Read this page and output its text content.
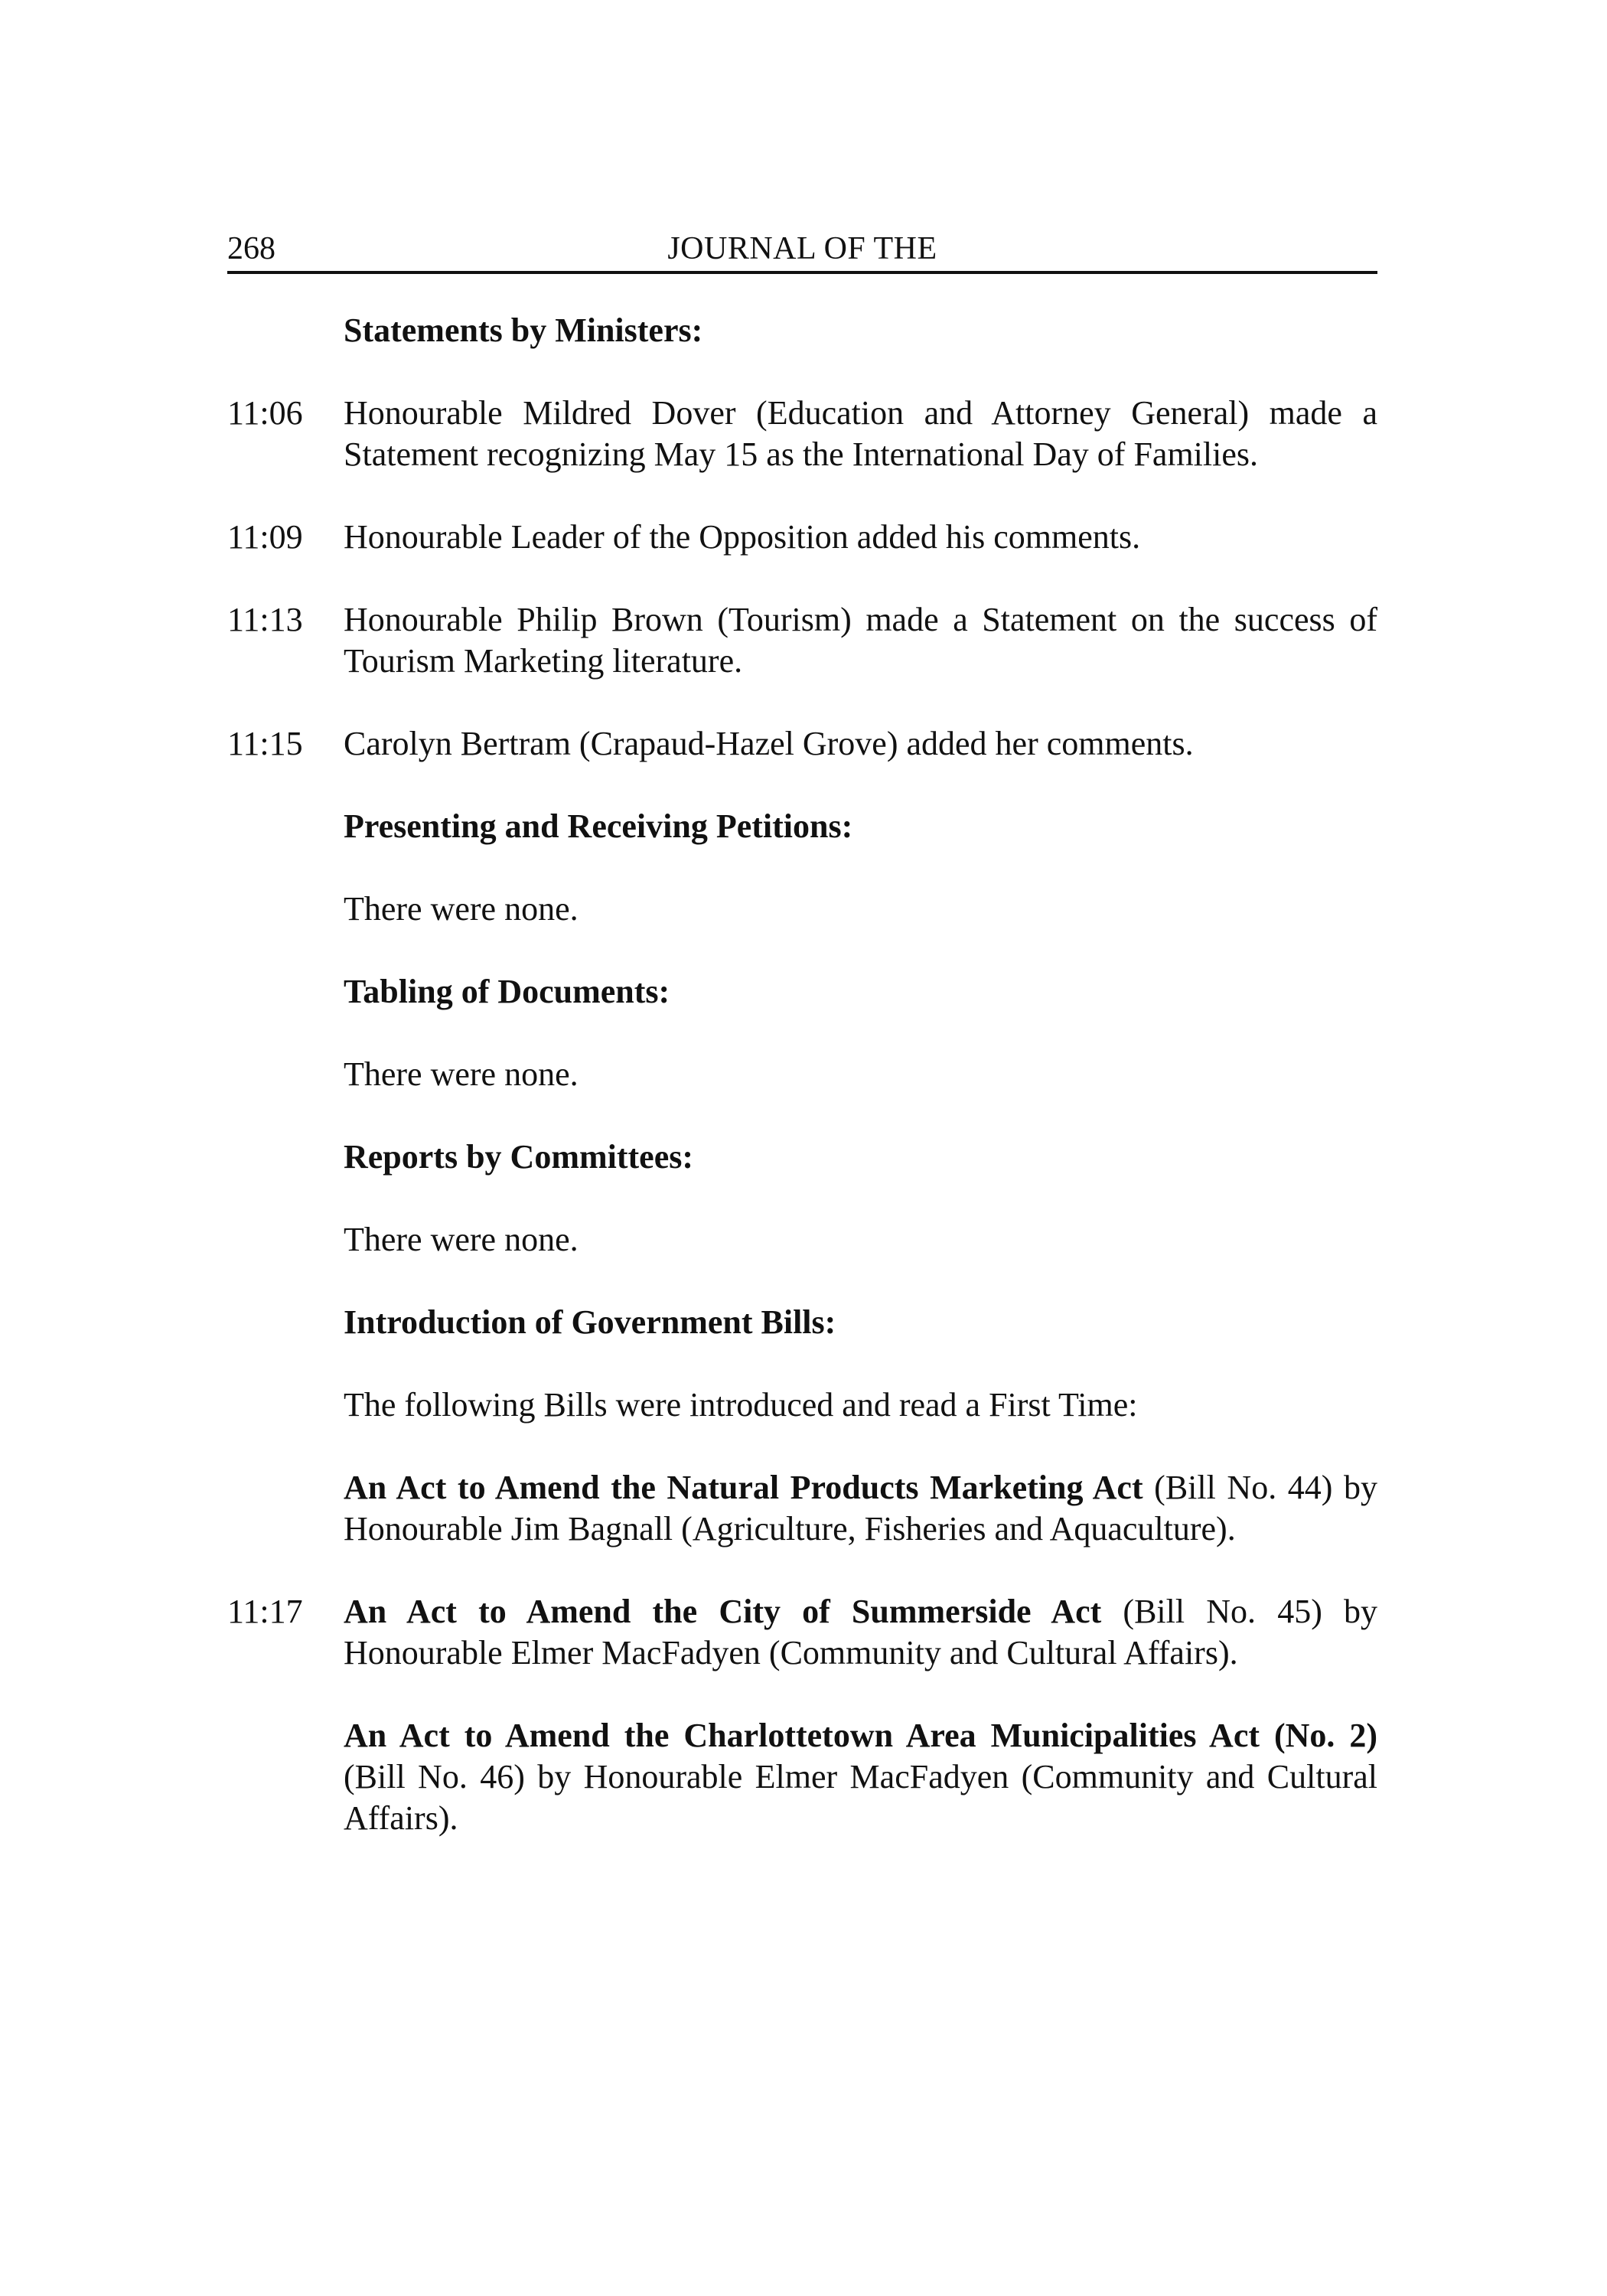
268	JOURNAL OF THE
Statements by Ministers:
11:06	Honourable Mildred Dover (Education and Attorney General) made a Statement recognizing May 15 as the International Day of Families.
11:09	Honourable Leader of the Opposition added his comments.
11:13	Honourable Philip Brown (Tourism) made a Statement on the success of Tourism Marketing literature.
11:15	Carolyn Bertram (Crapaud-Hazel Grove) added her comments.
Presenting and Receiving Petitions:
There were none.
Tabling of Documents:
There were none.
Reports by Committees:
There were none.
Introduction of Government Bills:
The following Bills were introduced and read a First Time:
An Act to Amend the Natural Products Marketing Act (Bill No. 44) by Honourable Jim Bagnall (Agriculture, Fisheries and Aquaculture).
11:17	An Act to Amend the City of Summerside Act (Bill No. 45) by Honourable Elmer MacFadyen (Community and Cultural Affairs).
An Act to Amend the Charlottetown Area Municipalities Act (No. 2) (Bill No. 46) by Honourable Elmer MacFadyen (Community and Cultural Affairs).
